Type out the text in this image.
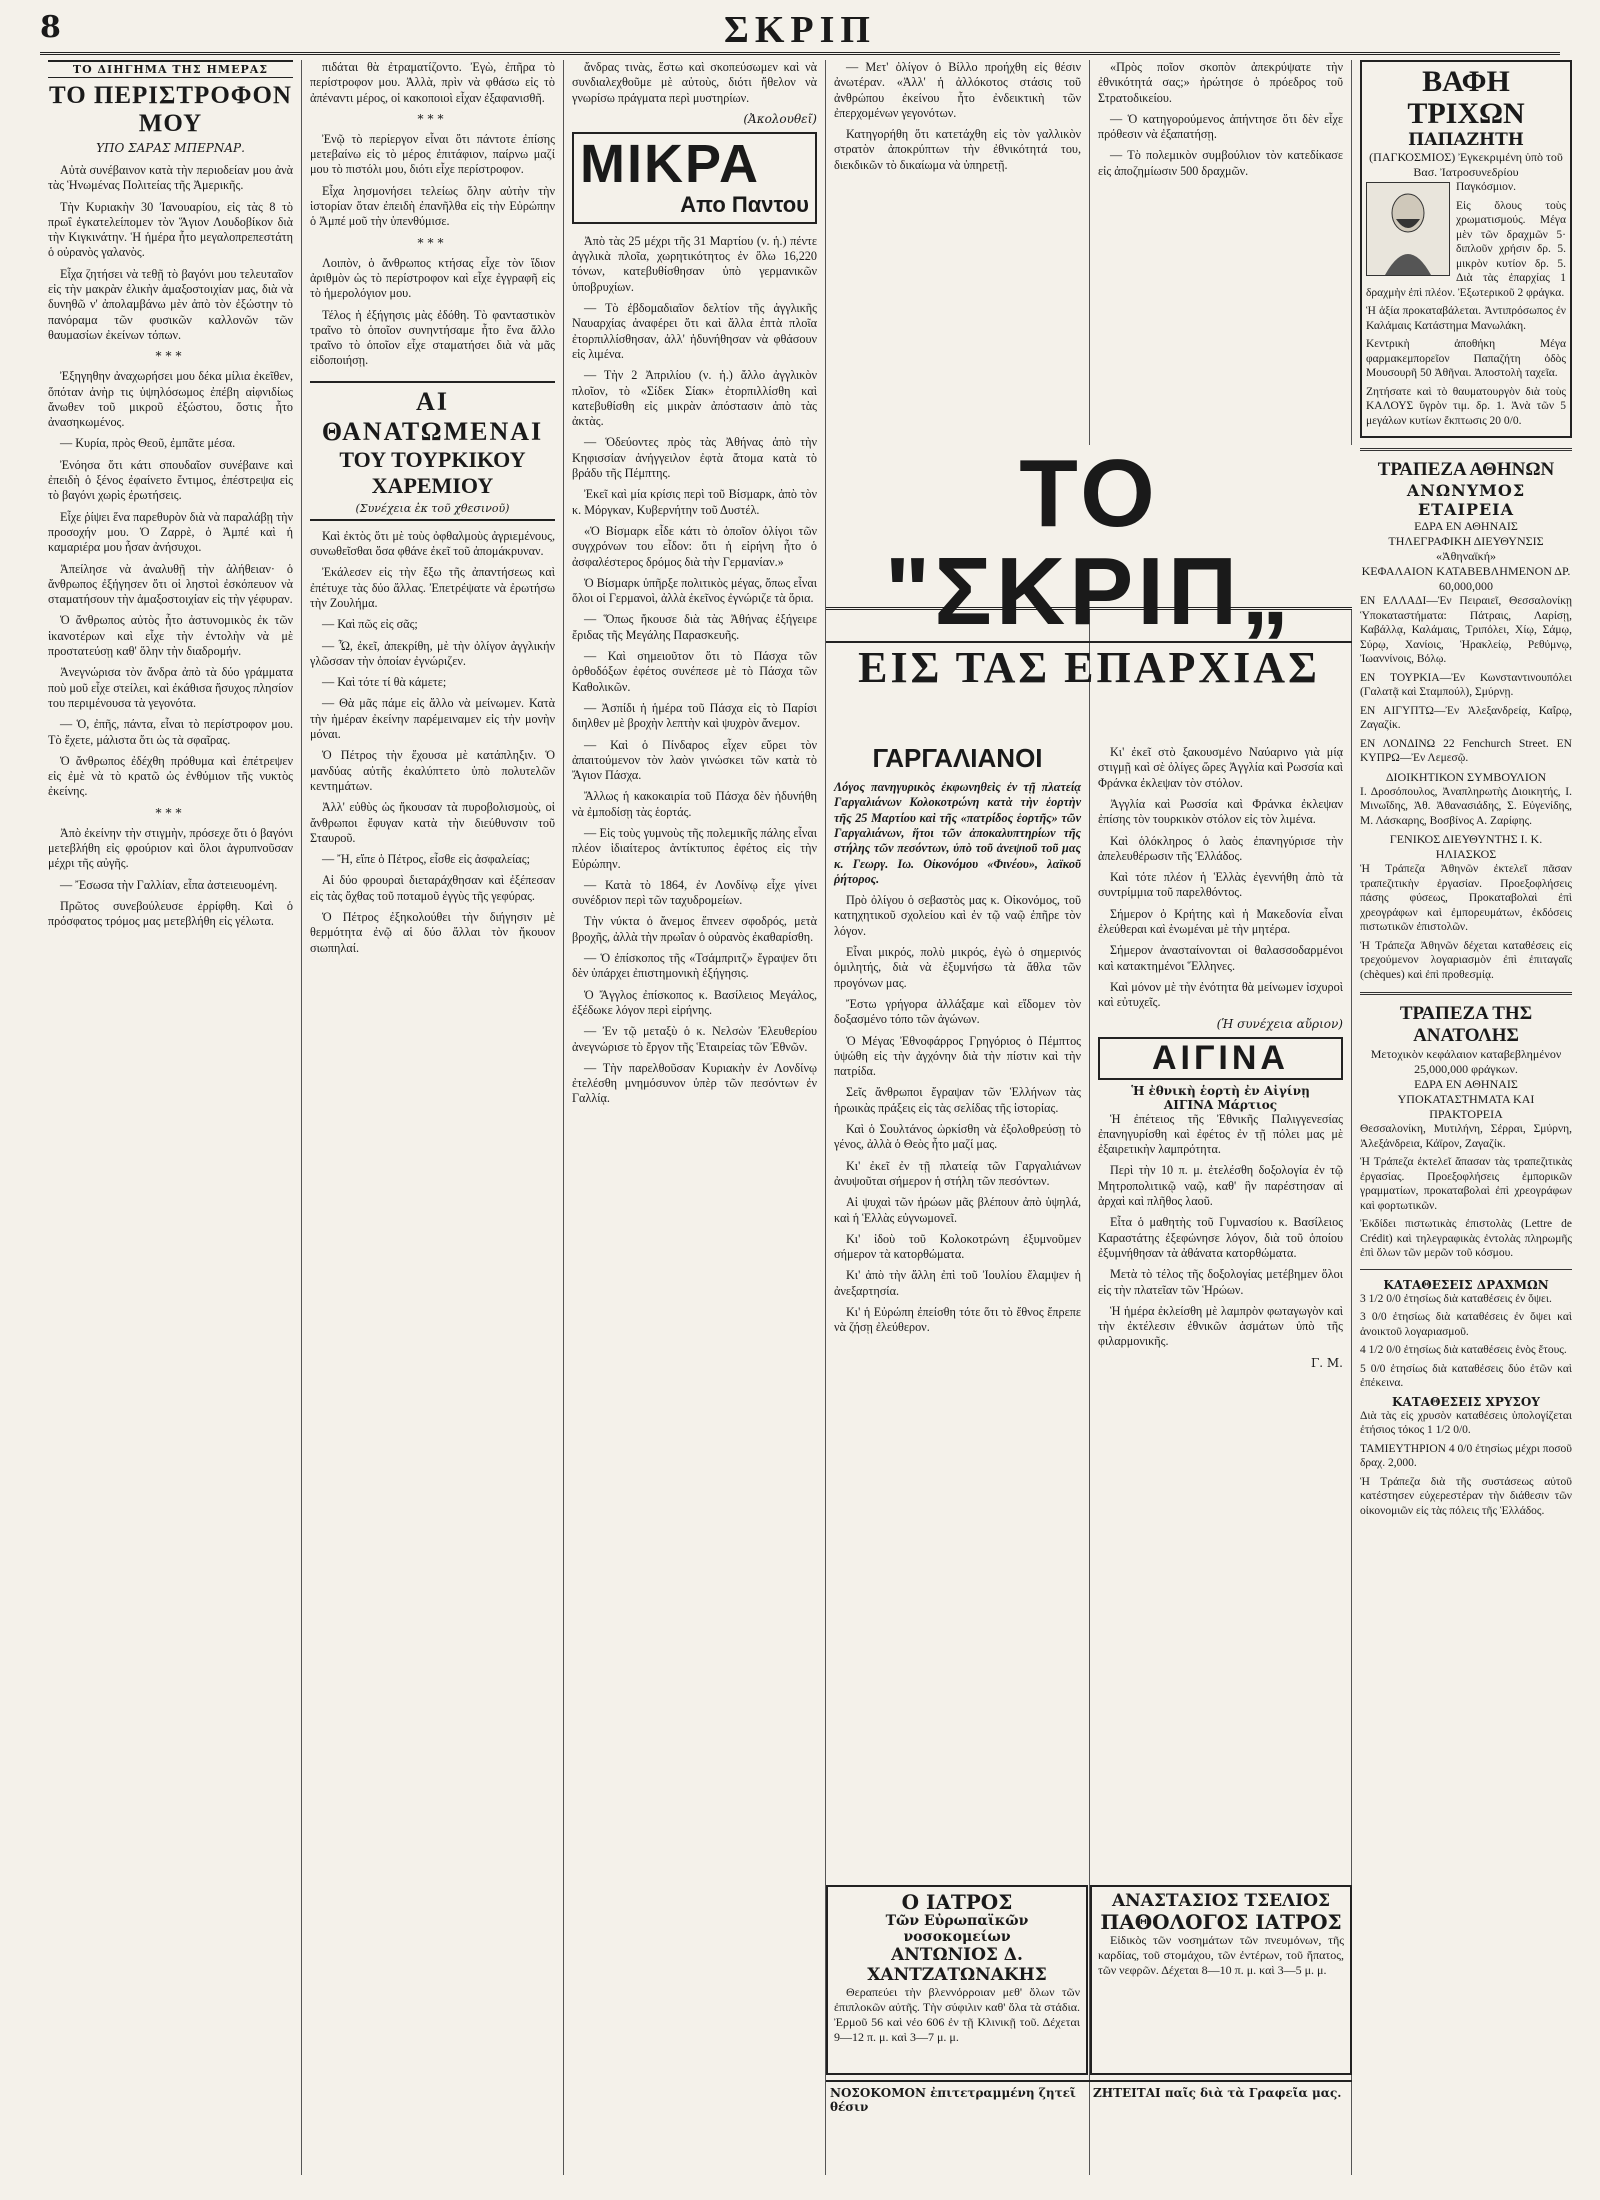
8	ΣΚΡΙΠ
ΤΟ ΔΙΗΓΗΜΑ ΤΗΣ ΗΜΕΡΑΣ
ΤΟ ΠΕΡΙΣΤΡΟΦΟΝ ΜΟΥ
ΥΠΟ ΣΑΡΑΣ ΜΠΕΡΝΑΡ.

Αὐτὰ συνέβαινον κατὰ τὴν περιοδείαν μου ἀνὰ τὰς Ἡνωμένας Πολιτείας τῆς Ἀμερικῆς.

Τὴν Κυριακὴν 30 Ἰανουαρίου, εἰς τὰς 8 τὸ πρωΐ ἐγκατελείπομεν τὸν Ἅγιον Λουδοβίκον διὰ τὴν Κιγκινάτην. Ἡ ἡμέρα ἦτο μεγαλοπρεπεστάτη ὁ οὐρανὸς γαλανὸς.

Εἶχα ζητήσει νὰ τεθῇ τὸ βαγόνι μου τελευταῖον εἰς τὴν μακρὰν ἐλικὴν ἁμαξοστοιχίαν μας, διὰ νὰ δυνηθῶ ν' ἀπολαμβάνω μὲν ἀπὸ τὸν ἐξώστην τὸ πανόραμα τῶν φυσικῶν καλλονῶν τῶν θαυμασίων ἐκείνων τόπων.

***

Ἐξηγηθην ἀναχωρήσει μου δέκα μίλια ἐκεῖθεν, ὅπόταν ἀνὴρ τις ὑψηλόσωμος ἐπέβη αἰφνιδίως ἄνωθεν τοῦ μικροῦ ἐξώστου, ὅστις ἦτο ἀνασηκωμένος.

— Κυρία, πρὸς Θεοῦ, ἐμπᾶτε μέσα.

Ἐνόησα ὅτι κάτι σπουδαῖον συνέβαινε καὶ ἐπειδὴ ὁ ξένος ἐφαίνετο ἔντιμος, ἐπέστρεψα εἰς τὸ βαγόνι χωρὶς ἐρωτήσεις.

Εἶχε ῥίψει ἕνα παρεθυρὸν διὰ νὰ παραλάβῃ τὴν προσοχήν μου. Ὁ Ζαρρὲ, ὁ Ἀμπέ καὶ ἡ καμαριέρα μου ἦσαν ἀνήσυχοι.

Ἀπείλησε νὰ ἀναλυθῇ τὴν ἀλήθειαν· ὁ ἄνθρωπος ἐξήγησεν ὅτι οἱ ληστοὶ ἐσκόπευον νὰ σταματήσουν τὴν ἁμαξοστοιχίαν εἰς τὴν γέφυραν.

Ὁ ἄνθρωπος αὐτὸς ἦτο ἀστυνομικὸς ἐκ τῶν ἱκανοτέρων καὶ εἶχε τὴν ἐντολὴν νὰ μὲ προστατεύσῃ καθ' ὅλην τὴν διαδρομήν.

Ἀνεγνώρισα τὸν ἄνδρα ἀπὸ τὰ δύο γράμματα ποὺ μοῦ εἶχε στείλει, καὶ ἐκάθισα ἥσυχος πλησίον του περιμένουσα τὰ γεγονότα.

— Ὁ, ἐπῆς, πάντα, εἶναι τὸ περίστροφον μου. Τὸ ἔχετε, μάλιστα ὅτι ὡς τὰ σφαῖρας.

Ὁ ἄνθρωπος ἐδέχθη πρόθυμα καὶ ἐπέτρεψεν εἰς ἐμὲ νὰ τὸ κρατῶ ὡς ἐνθύμιον τῆς νυκτὸς ἐκείνης.

***

Ἀπὸ ἐκείνην τὴν στιγμὴν, πρόσεχε ὅτι ὁ βαγόνι μετεβλήθη εἰς φρούριον καὶ ὅλοι ἀγρυπνοῦσαν μέχρι τῆς αὐγῆς.

— Ἔσωσα τὴν Γαλλίαν, εἶπα ἀστειευομένη.

Πρῶτος συνεβούλευσε ἐρρίφθη. Καὶ ὁ πρόσφατος τρόμος μας μετεβλήθη εἰς γέλωτα.

πιδάται θὰ ἐτραματίζοντο. Ἐγὼ, ἐπῆρα τὸ περίστροφον μου. Ἀλλὰ, πρὶν νὰ φθάσω εἰς τὸ ἀπέναντι μέρος, οἱ κακοποιοὶ εἶχαν ἐξαφανισθῆ.

***

Ἐνῷ τὸ περίεργον εἶναι ὅτι πάντοτε ἐπίσης μετεβαίνω εἰς τὸ μέρος ἐπιτάφιον, παίρνω μαζί μου τὸ πιστόλι μου, διότι εἶχε περίστροφον.

Εἶχα λησμονήσει τελείως ὅλην αὐτὴν τὴν ἱστορίαν ὅταν ἐπειδὴ ἐπανῆλθα εἰς τὴν Εὐρώπην ὁ Ἀμπέ μοῦ τὴν ὑπενθύμισε.

***

Λοιπὸν, ὁ ἄνθρωπος κτήσας εἶχε τὸν ἴδιον ἀριθμὸν ὡς τὸ περίστροφον καὶ εἶχε ἐγγραφῆ εἰς τὸ ἡμερολόγιον μου.

Τέλος ἡ ἐξήγησις μὰς ἐδόθη. Τὸ φανταστικὸν τραῖνο τὸ ὁποῖον συνηντήσαμε ἦτο ἕνα ἄλλο τραῖνο τὸ ὁποῖον εἶχε σταματήσει διὰ νὰ μᾶς εἰδοποιήσῃ.

ΑΙ ΘΑΝΑΤΩΜΕΝΑΙ
ΤΟΥ ΤΟΥΡΚΙΚΟΥ ΧΑΡΕΜΙΟΥ
(Συνέχεια ἐκ τοῦ χθεσινοῦ)

Καὶ ἐκτὸς ὅτι μὲ τοὺς ὀφθαλμοὺς ἀγριεμένους, συνωθεῖσθαι ὅσα φθάνε ἐκεῖ τοῦ ἀπομάκρυναν.

Ἐκάλεσεν εἰς τὴν ἔξω τῆς ἀπαντήσεως καὶ ἐπέτυχε τὰς δύο ἄλλας. Ἐπετρέψατε νὰ ἐρωτήσω τὴν Ζουλήμα.

— Καὶ πῶς εἰς σᾶς;

— Ὦ, ἐκεῖ, ἀπεκρίθη, μὲ τὴν ὀλίγον ἀγγλικήν γλῶσσαν τὴν ὁποίαν ἐγνώριζεν.

— Καὶ τότε τί θὰ κάμετε;

— Θὰ μᾶς πάμε εἰς ἄλλο νὰ μείνωμεν. Κατὰ τὴν ἡμέραν ἐκείνην παρέμειναμεν εἰς τὴν μονὴν μόναι.

Ὁ Πέτρος τὴν ἔχουσα μὲ κατάπληξιν. Ὁ μανδύας αὐτῆς ἐκαλύπτετο ὑπὸ πολυτελῶν κεντημάτων.

Ἀλλ' εὐθὺς ὡς ἤκουσαν τὰ πυροβολισμοὺς, οἱ ἄνθρωποι ἔφυγαν κατὰ τὴν διεύθυνσιν τοῦ Σταυροῦ.

— Ἤ, εἴπε ὁ Πέτρος, εἶσθε εἰς ἀσφαλείας;

Αἱ δύο φρουραὶ διεταράχθησαν καὶ ἐξέπεσαν εἰς τὰς ὄχθας τοῦ ποταμοῦ ἐγγὺς τῆς γεφύρας.

Ὁ Πέτρος ἐξηκολούθει τὴν διήγησιν μὲ θερμότητα ἐνῷ αἱ δύο ἄλλαι τὸν ἤκουον σιωπηλαί.

ἄνδρας τινὰς, ἔστω καὶ σκοπεύσωμεν καὶ νὰ συνδιαλεχθοῦμε μὲ αὐτοὺς, διότι ἤθελον νὰ γνωρίσω πράγματα περὶ μυστηρίων.

(Ἀκολουθεῖ)
ΜΙΚΡΑ
Απο Παντου

Ἀπὸ τὰς 25 μέχρι τῆς 31 Μαρτίου (ν. ἡ.) πέντε ἀγγλικὰ πλοῖα, χωρητικότητος ἐν ὅλω 16,220 τόνων, κατεβυθίσθησαν ὑπὸ γερμανικῶν ὑποβρυχίων.

— Τὸ ἐβδομαδιαῖον δελτίον τῆς ἀγγλικῆς Ναυαρχίας ἀναφέρει ὅτι καὶ ἄλλα ἐπτὰ πλοῖα ἐτορπιλλίσθησαν, ἀλλ' ἠδυνήθησαν νὰ φθάσουν εἰς λιμένα.

— Τὴν 2 Ἀπριλίου (ν. ἡ.) ἄλλο ἀγγλικὸν πλοῖον, τὸ «Σίδεκ Σίακ» ἐτορπιλλίσθη καὶ κατεβυθίσθη εἰς μικρὰν ἀπόστασιν ἀπὸ τὰς ἀκτὰς.

— Ὁδεύοντες πρὸς τὰς Ἀθήνας ἀπὸ τὴν Κηφισσίαν ἀνήγγειλον ἐφτὰ ἄτομα κατὰ τὸ βράδυ τῆς Πέμπτης.

Ἐκεῖ καὶ μία κρίσις περὶ τοῦ Βίσμαρκ, ἀπὸ τὸν κ. Μόργκαν, Κυβερνήτην τοῦ Δυστέλ.

«Ὁ Βίσμαρκ εἶδε κάτι τὸ ὁποῖον ὀλίγοι τῶν συγχρόνων του εἶδον: ὅτι ἡ εἰρήνη ἦτο ὁ ἀσφαλέστερος δρόμος διὰ τὴν Γερμανίαν.»

Ὁ Βίσμαρκ ὑπῆρξε πολιτικὸς μέγας, ὅπως εἶναι ὅλοι οἱ Γερμανοὶ, ἀλλὰ ἐκεῖνος ἐγνώριζε τὰ ὅρια.

— Ὅπως ἤκουσε διὰ τὰς Ἀθήνας ἐξήγειρε ἔριδας τῆς Μεγάλης Παρασκευῆς.

— Καὶ σημειοῦτον ὅτι τὸ Πάσχα τῶν ὀρθοδόξων ἐφέτος συνέπεσε μὲ τὸ Πάσχα τῶν Καθολικῶν.

— Ἀσπίδι ἡ ἡμέρα τοῦ Πάσχα εἰς τὸ Παρίσι διηλθεν μὲ βροχὴν λεπτὴν καὶ ψυχρὸν ἄνεμον.

— Καὶ ὁ Πίνδαρος εἶχεν εὕρει τὸν ἀπαιτούμενον τὸν λαὸν γινώσκει τῶν κατὰ τὸ Ἄγιον Πάσχα.

Ἄλλως ἡ κακοκαιρία τοῦ Πάσχα δὲν ἠδυνήθη νὰ ἐμποδίσῃ τὰς ἑορτάς.

— Εἰς τοὺς γυμνοὺς τῆς πολεμικῆς πάλης εἶναι πλέον ἰδιαίτερος ἀντίκτυπος ἐφέτος εἰς τὴν Εὐρώπην.

— Κατὰ τὸ 1864, ἐν Λονδίνῳ εἶχε γίνει συνέδριον περὶ τῶν ταχυδρομείων.

Τὴν νύκτα ὁ ἄνεμος ἔπνεεν σφοδρός, μετὰ βροχῆς, ἀλλὰ τὴν πρωΐαν ὁ οὐρανὸς ἐκαθαρίσθη.

— Ὁ ἐπίσκοπος τῆς «Τσάμπριτζ» ἔγραψεν ὅτι δὲν ὑπάρχει ἐπιστημονικὴ ἐξήγησις.

Ὁ Ἄγγλος ἐπίσκοπος κ. Βασίλειος Μεγάλος, ἐξέδωκε λόγον περὶ εἰρήνης.

— Ἐν τῷ μεταξὺ ὁ κ. Νελσὼν Ἐλευθερίου ἀνεγνώρισε τὸ ἔργον τῆς Ἑταιρείας τῶν Ἐθνῶν.

— Τὴν παρελθοῦσαν Κυριακὴν ἐν Λονδίνῳ ἐτελέσθη μνημόσυνον ὑπὲρ τῶν πεσόντων ἐν Γαλλίᾳ.

— Μετ' ὀλίγον ὁ Βίλλο προήχθη εἰς θέσιν ἀνωτέραν. «Ἀλλ' ἡ ἀλλόκοτος στάσις τοῦ ἀνθρώπου ἐκείνου ἦτο ἐνδεικτικὴ τῶν ἐπερχομένων γεγονότων.

Κατηγορήθη ὅτι κατετάχθη εἰς τὸν γαλλικὸν στρατὸν ἀποκρύπτων τὴν ἐθνικότητά του, διεκδικῶν τὸ δικαίωμα νὰ ὑπηρετῇ.

ΓΑΡΓΑΛΙΑΝΟΙ

Λόγος πανηγυρικὸς ἐκφωνηθεὶς ἐν τῇ πλατείᾳ Γαργαλιάνων Κολοκοτρώνη κατὰ τὴν ἑορτὴν τῆς 25 Μαρτίου καὶ τῆς «πατρίδος ἑορτῆς» τῶν Γαργαλιάνων, ἥτοι τῶν ἀποκαλυπτηρίων τῆς στήλης τῶν πεσόντων, ὑπὸ τοῦ ἀνεψιοῦ τοῦ μας κ. Γεωργ. Ιω. Οἰκονόμου «Φινέου», λαϊκοῦ ῥήτορος.

Πρὸ ὀλίγου ὁ σεβαστὸς μας κ. Οἰκονόμος, τοῦ κατηχητικοῦ σχολείου καὶ ἐν τῷ ναῷ ἐπῆρε τὸν λόγον.

Εἶναι μικρός, πολὺ μικρός, ἐγὼ ὁ σημερινός ὁμιλητής, διὰ νὰ ἐξυμνήσω τὰ ἄθλα τῶν προγόνων μας.

Ἔστω γρήγορα ἀλλάξαμε καὶ εἴδομεν τὸν δοξασμένο τόπο τῶν ἀγώνων.

Ὁ Μέγας Ἐθνοφάρρος Γρηγόριος ὁ Πέμπτος ὑψώθη εἰς τὴν ἀγχόνην διὰ τὴν πίστιν καὶ τὴν πατρίδα.

Σεῖς ἄνθρωποι ἔγραψαν τῶν Ἑλλήνων τὰς ἡρωικὰς πράξεις εἰς τὰς σελίδας τῆς ἱστορίας.

Καὶ ὁ Σουλτάνος ὡρκίσθη νὰ ἐξολοθρεύσῃ τὸ γένος, ἀλλὰ ὁ Θεὸς ἦτο μαζί μας.

Κι' ἐκεῖ ἐν τῇ πλατείᾳ τῶν Γαργαλιάνων ἀνυψοῦται σήμερον ἡ στήλη τῶν πεσόντων.

Αἱ ψυχαὶ τῶν ἡρώων μᾶς βλέπουν ἀπὸ ὑψηλά, καὶ ἡ Ἑλλὰς εὐγνωμονεῖ.

Κι' ἰδοὺ τοῦ Κολοκοτρώνη ἐξυμνοῦμεν σήμερον τὰ κατορθώματα.

Κι' ἀπὸ τὴν ἄλλη ἐπὶ τοῦ Ἰουλίου ἔλαμψεν ἡ ἀνεξαρτησία.

Κι' ἡ Εὐρώπη ἐπείσθη τότε ὅτι τὸ ἔθνος ἔπρεπε νὰ ζήσῃ ἐλεύθερον.

«Πρὸς ποῖον σκοπὸν ἀπεκρύψατε τὴν ἐθνικότητά σας;» ἠρώτησε ὁ πρόεδρος τοῦ Στρατοδικείου.

— Ὁ κατηγορούμενος ἀπήντησε ὅτι δὲν εἶχε πρόθεσιν νὰ ἐξαπατήσῃ.

— Τὸ πολεμικὸν συμβούλιον τὸν κατεδίκασε εἰς ἀποζημίωσιν 500 δραχμῶν.

Κι' ἐκεῖ στὸ ξακουσμένο Ναύαρινο γιὰ μίᾳ στιγμῇ καὶ σὲ ὀλίγες ὥρες Ἀγγλία καὶ Ρωσσία καὶ Φράνκα ἐκλεψαν τὸν στόλον.

Ἀγγλία καὶ Ρωσσία καὶ Φράνκα ἐκλεψαν ἐπίσης τὸν τουρκικὸν στόλον εἰς τὸν λιμένα.

Καὶ ὁλόκληρος ὁ λαὸς ἐπανηγύρισε τὴν ἀπελευθέρωσιν τῆς Ἑλλάδος.

Καὶ τότε πλέον ἡ Ἑλλὰς ἐγεννήθη ἀπὸ τὰ συντρίμμια τοῦ παρελθόντος.

Σήμερον ὁ Κρήτης καὶ ἡ Μακεδονία εἶναι ἐλεύθεραι καὶ ἑνωμέναι μὲ τὴν μητέρα.

Σήμερον ἀνασταίνονται οἱ θαλασσοδαρμένοι καὶ κατακτημένοι Ἕλληνες.

Καὶ μόνον μὲ τὴν ἐνότητα θὰ μείνωμεν ἰσχυροὶ καὶ εὐτυχεῖς.

(Ἡ συνέχεια αὔριον)
ΑΙΓΙΝΑ
Ἡ ἐθνικὴ ἑορτὴ ἐν Αἰγίνῃ
ΑΙΓΙΝΑ Μάρτιος

Ἡ ἐπέτειος τῆς Ἐθνικῆς Παλιγγενεσίας ἐπανηγυρίσθη καὶ ἐφέτος ἐν τῇ πόλει μας μὲ ἐξαιρετικὴν λαμπρότητα.

Περὶ τὴν 10 π. μ. ἐτελέσθη δοξολογία ἐν τῷ Μητροπολιτικῷ ναῷ, καθ' ἣν παρέστησαν αἱ ἀρχαὶ καὶ πλῆθος λαοῦ.

Εἶτα ὁ μαθητὴς τοῦ Γυμνασίου κ. Βασίλειος Καραστάτης ἐξεφώνησε λόγον, διὰ τοῦ ὁποίου ἐξυμνήθησαν τὰ ἀθάνατα κατορθώματα.

Μετὰ τὸ τέλος τῆς δοξολογίας μετέβημεν ὅλοι εἰς τὴν πλατεῖαν τῶν Ἡρώων.

Ἡ ἡμέρα ἐκλείσθη μὲ λαμπρὸν φωταγωγὸν καὶ τὴν ἐκτέλεσιν ἐθνικῶν ἀσμάτων ὑπὸ τῆς φιλαρμονικῆς.

Γ. Μ.
ΒΑΦΗ ΤΡΙΧΩΝ
ΠΑΠΑΖΗΤΗ
(ΠΑΓΚΟΣΜΙΟΣ) Ἐγκεκριμένη ὑπὸ τοῦ Βασ. Ἰατροσυνεδρίου
Παγκόσμιον.
Εἰς ὅλους τοὺς χρωματισμούς. Μέγα μὲν τῶν δραχμῶν 5· διπλοῦν χρήσιν δρ. 5. μικρὸν κυτίον δρ. 5. Διὰ τὰς ἐπαρχίας 1 δραχμὴν ἐπὶ πλέον. Ἐξωτερικοῦ 2 φράγκα.
Ἡ ἀξία προκαταβάλεται. Ἀντιπρόσωπος ἐν Καλάμαις Κατάστημα Μανωλάκη.
Κεντρικὴ ἀποθήκη Μέγα φαρμακεμπορεῖον Παπαζήτη ὁδὸς Μουσουρῆ 50 Ἀθῆναι. Ἀποστολὴ ταχεῖα.
Ζητήσατε καὶ τὸ θαυματουργὸν διὰ τοὺς ΚΑΛΟΥΣ ὕγρὸν τιμ. δρ. 1. Ἀνὰ τῶν 5 μεγάλων κυτίων ἔκπτωσις 20 0/0.
ΤΡΑΠΕΖΑ ΑΘΗΝΩΝ
ΑΝΩΝΥΜΟΣ ΕΤΑΙΡΕΙΑ
ΕΔΡΑ ΕΝ ΑΘΗΝΑΙΣ
ΤΗΛΕΓΡΑΦΙΚΗ ΔΙΕΥΘΥΝΣΙΣ «Ἀθηναϊκή»
ΚΕΦΑΛΑΙΟΝ ΚΑΤΑΒΕΒΛΗΜΕΝΟΝ ΔΡ. 60,000,000
ΕΝ ΕΛΛΑΔΙ—Ἐν Πειραιεῖ, Θεσσαλονίκῃ Ὑποκαταστήματα: Πάτραις, Λαρίσῃ, Καβάλλᾳ, Καλάμαις, Τριπόλει, Χίῳ, Σάμῳ, Σύρῳ, Χανίοις, Ἡρακλείῳ, Ρεθύμνῳ, Ἰωαννίνοις, Βόλῳ.
ΕΝ ΤΟΥΡΚΙΑ—Ἐν Κωνσταντινουπόλει (Γαλατᾷ καὶ Σταμπούλ), Σμύρνῃ.
ΕΝ ΑΙΓΥΠΤΩ—Ἐν Ἀλεξανδρείᾳ, Καΐρῳ, Ζαγαζίκ.
ΕΝ ΛΟΝΔΙΝΩ 22 Fenchurch Street. ΕΝ ΚΥΠΡΩ—Ἐν Λεμεσῷ.
ΔΙΟΙΚΗΤΙΚΟΝ ΣΥΜΒΟΥΛΙΟΝ
Ι. Δροσόπουλος, Ἀναπληρωτὴς Διοικητής, Ι. Μινωΐδης, Ἀθ. Ἀθανασιάδης, Σ. Εὐγενίδης, Μ. Λάσκαρης, Βοσβίνος Α. Ζαρίφης.
ΓΕΝΙΚΟΣ ΔΙΕΥΘΥΝΤΗΣ Ι. Κ. ΗΛΙΑΣΚΟΣ
Ἡ Τράπεζα Ἀθηνῶν ἐκτελεῖ πᾶσαν τραπεζιτικὴν ἐργασίαν. Προεξοφλήσεις πάσης φύσεως, Προκαταβολαὶ ἐπὶ χρεογράφων καὶ ἐμπορευμάτων, ἐκδόσεις πιστωτικῶν ἐπιστολῶν.
Ἡ Τράπεζα Ἀθηνῶν δέχεται καταθέσεις εἰς τρεχούμενον λογαριασμὸν ἐπὶ ἐπιταγαῖς (chèques) καὶ ἐπὶ προθεσμίᾳ.
ΤΡΑΠΕΖΑ ΤΗΣ ΑΝΑΤΟΛΗΣ
Μετοχικὸν κεφάλαιον καταβεβλημένον 25,000,000 φράγκων.
ΕΔΡΑ ΕΝ ΑΘΗΝΑΙΣ
ΥΠΟΚΑΤΑΣΤΗΜΑΤΑ ΚΑΙ ΠΡΑΚΤΟΡΕΙΑ
Θεσσαλονίκη, Μυτιλήνη, Σέρραι, Σμύρνη, Ἀλεξάνδρεια, Κάϊρον, Ζαγαζίκ.
Ἡ Τράπεζα ἐκτελεῖ ἅπασαν τὰς τραπεζιτικὰς ἐργασίας. Προεξοφλήσεις ἐμπορικῶν γραμματίων, προκαταβολαὶ ἐπὶ χρεογράφων καὶ φορτωτικῶν.
Ἐκδίδει πιστωτικὰς ἐπιστολὰς (Lettre de Crédit) καὶ τηλεγραφικὰς ἐντολὰς πληρωμῆς ἐπὶ ὅλων τῶν μερῶν τοῦ κόσμου.
ΚΑΤΑΘΕΣΕΙΣ ΔΡΑΧΜΩΝ
3 1/2 0/0 ἐτησίως διὰ καταθέσεις ἐν ὄψει.
3 0/0 ἐτησίως διὰ καταθέσεις ἐν ὄψει καὶ ἀνοικτοῦ λογαριασμοῦ.
4 1/2 0/0 ἐτησίως διὰ καταθέσεις ἑνὸς ἔτους.
5 0/0 ἐτησίως διὰ καταθέσεις δύο ἐτῶν καὶ ἐπέκεινα.
ΚΑΤΑΘΕΣΕΙΣ ΧΡΥΣΟΥ
Διὰ τὰς εἰς χρυσὸν καταθέσεις ὑπολογίζεται ἐτήσιος τόκος 1 1/2 0/0.
ΤΑΜΙΕΥΤΗΡΙΟΝ 4 0/0 ἐτησίως μέχρι ποσοῦ δραχ. 2,000.
Ἡ Τράπεζα διὰ τῆς συστάσεως αὐτοῦ κατέστησεν εὐχερεστέραν τὴν διάθεσιν τῶν οἰκονομιῶν εἰς τὰς πόλεις τῆς Ἑλλάδος.
ΤΟ "ΣΚΡΙΠ„
ΕΙΣ ΤΑΣ ΕΠΑΡΧΙΑΣ
Ο ΙΑΤΡΟΣ
Τῶν Εὐρωπαϊκῶν νοσοκομείων
ΑΝΤΩΝΙΟΣ Δ. ΧΑΝΤΖΑΤΩΝΑΚΗΣ

Θεραπεύει τὴν βλεννόρροιαν μεθ' ὅλων τῶν ἐπιπλοκῶν αὐτῆς. Τὴν σύφιλιν καθ' ὅλα τὰ στάδια. Ἐρμοῦ 56 καὶ νέο 606 ἐν τῇ Κλινικῇ τοῦ. Δέχεται 9—12 π. μ. καὶ 3—7 μ. μ.

ΑΝΑΣΤΑΣΙΟΣ ΤΣΕΛΙΟΣ
ΠΑΘΟΛΟΓΟΣ ΙΑΤΡΟΣ

Εἰδικὸς τῶν νοσημάτων τῶν πνευμόνων, τῆς καρδίας, τοῦ στομάχου, τῶν ἐντέρων, τοῦ ἥπατος, τῶν νεφρῶν. Δέχεται 8—10 π. μ. καὶ 3—5 μ. μ.

ΝΟΣΟΚΟΜΟΝ ἐπιτετραμμένη ζητεῖ θέσιν
ΖΗΤΕΙΤΑΙ παῖς διὰ τὰ Γραφεῖα μας.
